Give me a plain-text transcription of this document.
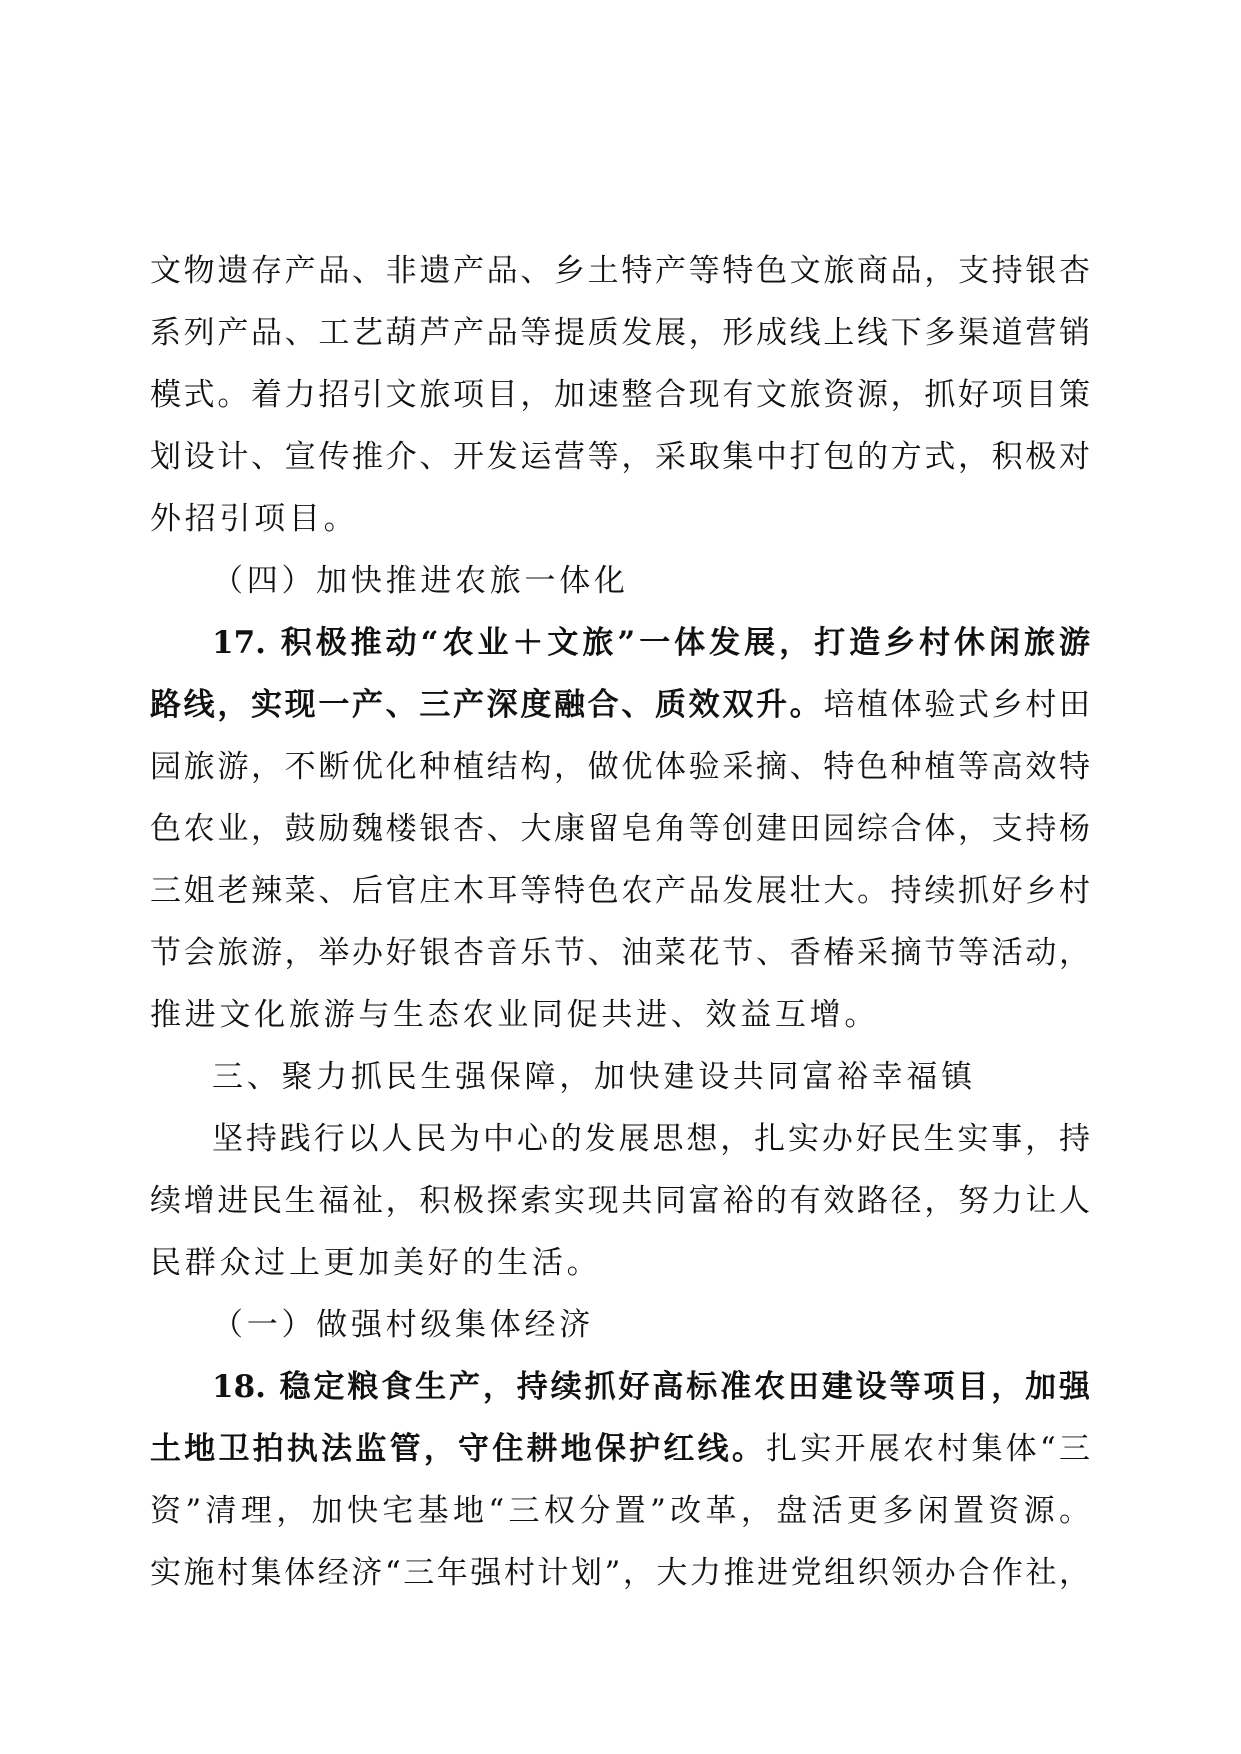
文物遗存产品、非遗产品、乡土特产等特色文旅商品，支持银杏
系列产品、工艺葫芦产品等提质发展，形成线上线下多渠道营销
模式。着力招引文旅项目，加速整合现有文旅资源，抓好项目策
划设计、宣传推介、开发运营等，采取集中打包的方式，积极对
外招引项目。
（四）加快推进农旅一体化
17. 积极推动“农业＋文旅”一体发展，打造乡村休闲旅游
路线，实现一产、三产深度融合、质效双升。培植体验式乡村田
园旅游，不断优化种植结构，做优体验采摘、特色种植等高效特
色农业，鼓励魏楼银杏、大康留皂角等创建田园综合体，支持杨
三姐老辣菜、后官庄木耳等特色农产品发展壮大。持续抓好乡村
节会旅游，举办好银杏音乐节、油菜花节、香椿采摘节等活动，
推进文化旅游与生态农业同促共进、效益互增。
三、聚力抓民生强保障，加快建设共同富裕幸福镇
坚持践行以人民为中心的发展思想，扎实办好民生实事，持
续增进民生福祉，积极探索实现共同富裕的有效路径，努力让人
民群众过上更加美好的生活。
（一）做强村级集体经济
18. 稳定粮食生产，持续抓好高标准农田建设等项目，加强
土地卫拍执法监管，守住耕地保护红线。扎实开展农村集体“三
资”清理，加快宅基地“三权分置”改革，盘活更多闲置资源。
实施村集体经济“三年强村计划”，大力推进党组织领办合作社，
